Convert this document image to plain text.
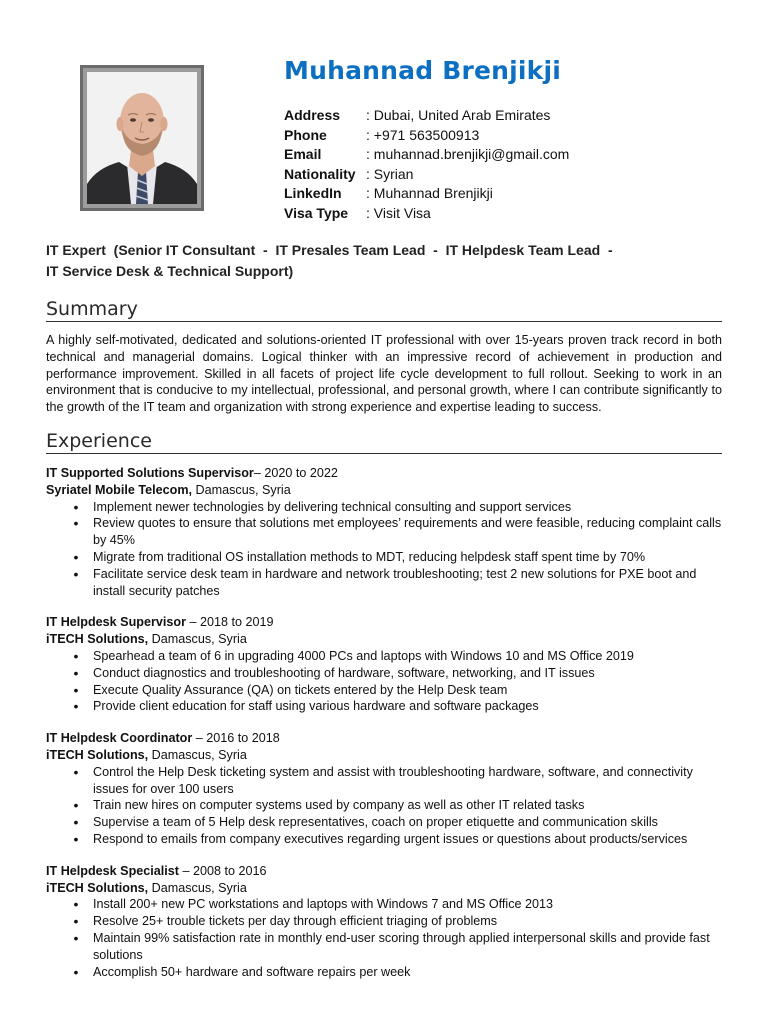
Muhannad Brenjikji
Address : Dubai, United Arab Emirates
Phone	: +971 563500913
Email	: muhannad.brenjikji@gmail.com
Nationality : Syrian
LinkedIn : Muhannad Brenjikji
Visa Type : Visit Visa

IT Expert  (Senior IT Consultant  -  IT Presales Team Lead  -  IT Helpdesk Team Lead  -
IT Service Desk & Technical Support)

Summary

A highly self-motivated, dedicated and solutions-oriented IT professional with over 15-years proven track record in both technical and managerial domains. Logical thinker with an impressive record of achievement in production and performance improvement. Skilled in all facets of project life cycle development to full rollout. Seeking to work in an environment that is conducive to my intellectual, professional, and personal growth, where I can contribute significantly to the growth of the IT team and organization with strong experience and expertise leading to success.

Experience
IT Supported Solutions Supervisor– 2020 to 2022
Syriatel Mobile Telecom, Damascus, Syria
• Implement newer technologies by delivering technical consulting and support services
• Review quotes to ensure that solutions met employees’ requirements and were feasible, reducing complaint calls by 45%
• Migrate from traditional OS installation methods to MDT, reducing helpdesk staff spent time by 70%
• Facilitate service desk team in hardware and network troubleshooting; test 2 new solutions for PXE boot and install security patches
IT Helpdesk Supervisor – 2018 to 2019
iTECH Solutions, Damascus, Syria
• Spearhead a team of 6 in upgrading 4000 PCs and laptops with Windows 10 and MS Office 2019
• Conduct diagnostics and troubleshooting of hardware, software, networking, and IT issues
• Execute Quality Assurance (QA) on tickets entered by the Help Desk team
• Provide client education for staff using various hardware and software packages
IT Helpdesk Coordinator – 2016 to 2018
iTECH Solutions, Damascus, Syria
• Control the Help Desk ticketing system and assist with troubleshooting hardware, software, and connectivity issues for over 100 users
• Train new hires on computer systems used by company as well as other IT related tasks
• Supervise a team of 5 Help desk representatives, coach on proper etiquette and communication skills
• Respond to emails from company executives regarding urgent issues or questions about products/services
IT Helpdesk Specialist – 2008 to 2016
iTECH Solutions, Damascus, Syria
• Install 200+ new PC workstations and laptops with Windows 7 and MS Office 2013
• Resolve 25+ trouble tickets per day through efficient triaging of problems
• Maintain 99% satisfaction rate in monthly end-user scoring through applied interpersonal skills and provide fast solutions
• Accomplish 50+ hardware and software repairs per week
